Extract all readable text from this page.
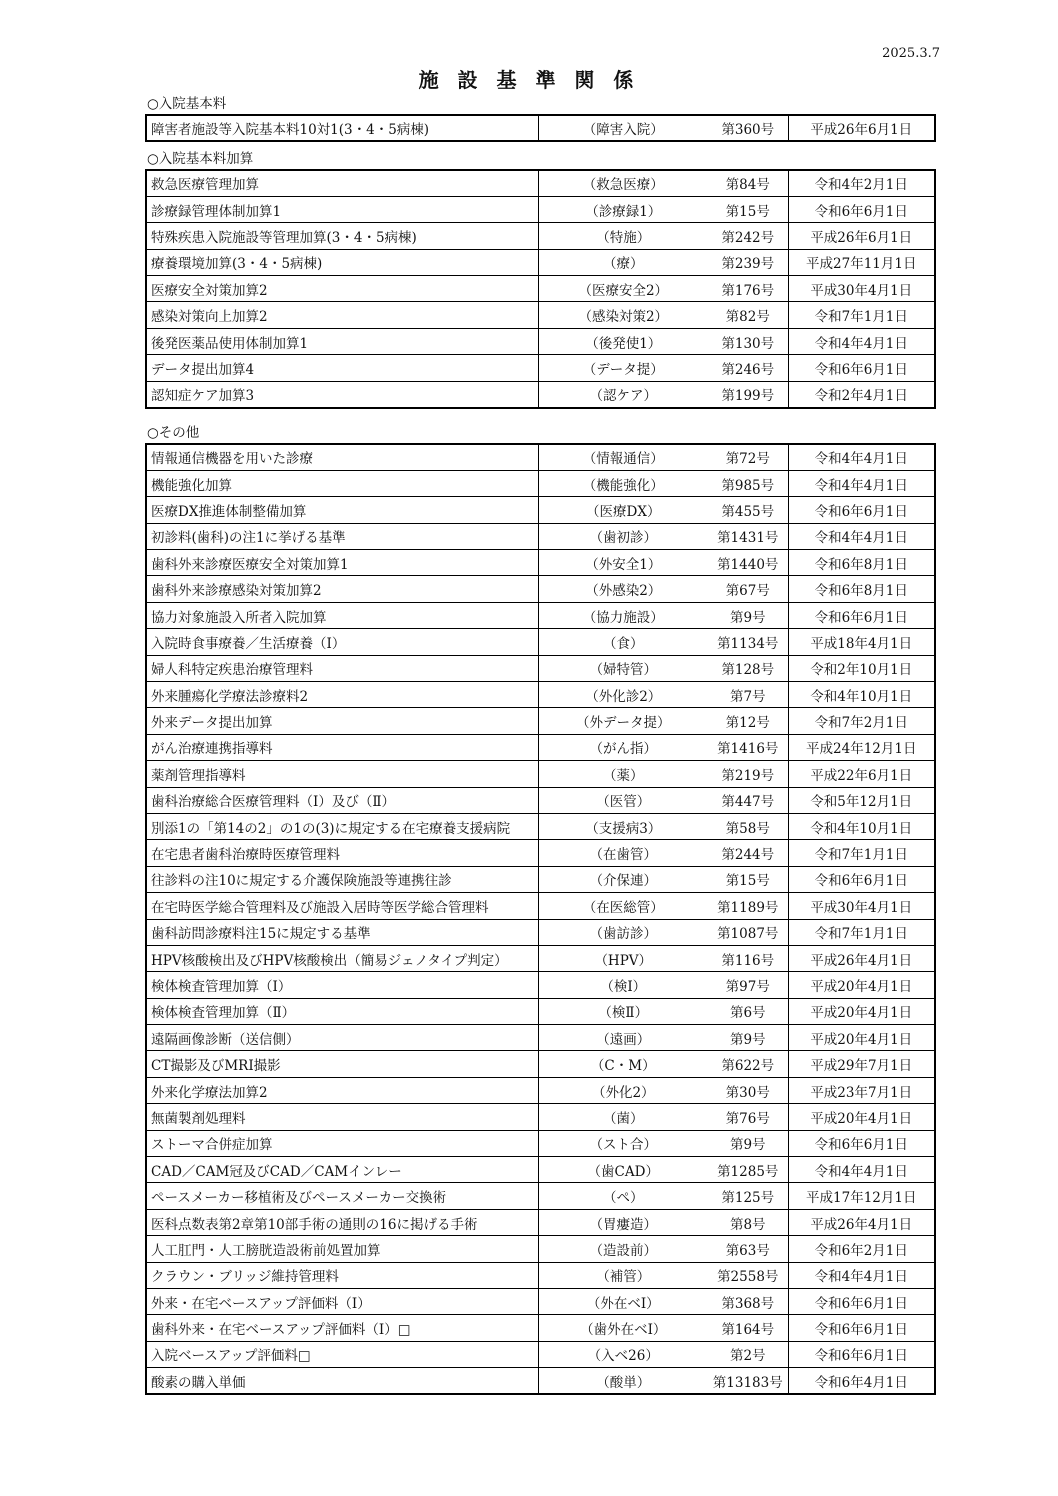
2025.3.7
施 設 基 準 関 係
○入院基本料
障害者施設等入院基本料10対1(3・4・5病棟)	（障害入院）	第360号	平成26年6月1日
○入院基本料加算
救急医療管理加算	（救急医療）	第84号	令和4年2月1日
診療録管理体制加算1	（診療録1）	第15号	令和6年6月1日
特殊疾患入院施設等管理加算(3・4・5病棟)	（特施）	第242号	平成26年6月1日
療養環境加算(3・4・5病棟)	（療）	第239号	平成27年11月1日
医療安全対策加算2	（医療安全2）	第176号	平成30年4月1日
感染対策向上加算2	（感染対策2）	第82号	令和7年1月1日
後発医薬品使用体制加算1	（後発使1）	第130号	令和4年4月1日
データ提出加算4	（データ提）	第246号	令和6年6月1日
認知症ケア加算3	（認ケア）	第199号	令和2年4月1日
○その他
情報通信機器を用いた診療	（情報通信）	第72号	令和4年4月1日
機能強化加算	（機能強化）	第985号	令和4年4月1日
医療DX推進体制整備加算	（医療DX）	第455号	令和6年6月1日
初診料(歯科)の注1に挙げる基準	（歯初診）	第1431号	令和4年4月1日
歯科外来診療医療安全対策加算1	（外安全1）	第1440号	令和6年8月1日
歯科外来診療感染対策加算2	（外感染2）	第67号	令和6年8月1日
協力対象施設入所者入院加算	（協力施設）	第9号	令和6年6月1日
入院時食事療養／生活療養（Ⅰ）	（食）	第1134号	平成18年4月1日
婦人科特定疾患治療管理料	（婦特管）	第128号	令和2年10月1日
外来腫瘍化学療法診療料2	（外化診2）	第7号	令和4年10月1日
外来データ提出加算	（外データ提）	第12号	令和7年2月1日
がん治療連携指導料	（がん指）	第1416号	平成24年12月1日
薬剤管理指導料	（薬）	第219号	平成22年6月1日
歯科治療総合医療管理料（Ⅰ）及び（Ⅱ）	（医管）	第447号	令和5年12月1日
別添1の「第14の2」の1の(3)に規定する在宅療養支援病院	（支援病3）	第58号	令和4年10月1日
在宅患者歯科治療時医療管理料	（在歯管）	第244号	令和7年1月1日
往診料の注10に規定する介護保険施設等連携往診	（介保連）	第15号	令和6年6月1日
在宅時医学総合管理料及び施設入居時等医学総合管理料	（在医総管）	第1189号	平成30年4月1日
歯科訪問診療料注15に規定する基準	（歯訪診）	第1087号	令和7年1月1日
HPV核酸検出及びHPV核酸検出（簡易ジェノタイプ判定）	（HPV）	第116号	平成26年4月1日
検体検査管理加算（Ⅰ）	（検Ⅰ）	第97号	平成20年4月1日
検体検査管理加算（Ⅱ）	（検Ⅱ）	第6号	平成20年4月1日
遠隔画像診断（送信側）	（遠画）	第9号	平成20年4月1日
CT撮影及びMRI撮影	（C・M）	第622号	平成29年7月1日
外来化学療法加算2	（外化2）	第30号	平成23年7月1日
無菌製剤処理料	（菌）	第76号	平成20年4月1日
ストーマ合併症加算	（スト合）	第9号	令和6年6月1日
CAD／CAM冠及びCAD／CAMインレー	（歯CAD）	第1285号	令和4年4月1日
ペースメーカー移植術及びペースメーカー交換術	（ペ）	第125号	平成17年12月1日
医科点数表第2章第10部手術の通則の16に掲げる手術	（胃瘻造）	第8号	平成26年4月1日
人工肛門・人工膀胱造設術前処置加算	（造設前）	第63号	令和6年2月1日
クラウン・ブリッジ維持管理料	（補管）	第2558号	令和4年4月1日
外来・在宅ベースアップ評価料（Ⅰ）	（外在ベⅠ）	第368号	令和6年6月1日
歯科外来・在宅ベースアップ評価料（Ⅰ）□	（歯外在ベⅠ）	第164号	令和6年6月1日
入院ベースアップ評価料□	（入ベ26）	第2号	令和6年6月1日
酸素の購入単価	（酸単）	第13183号	令和6年4月1日
